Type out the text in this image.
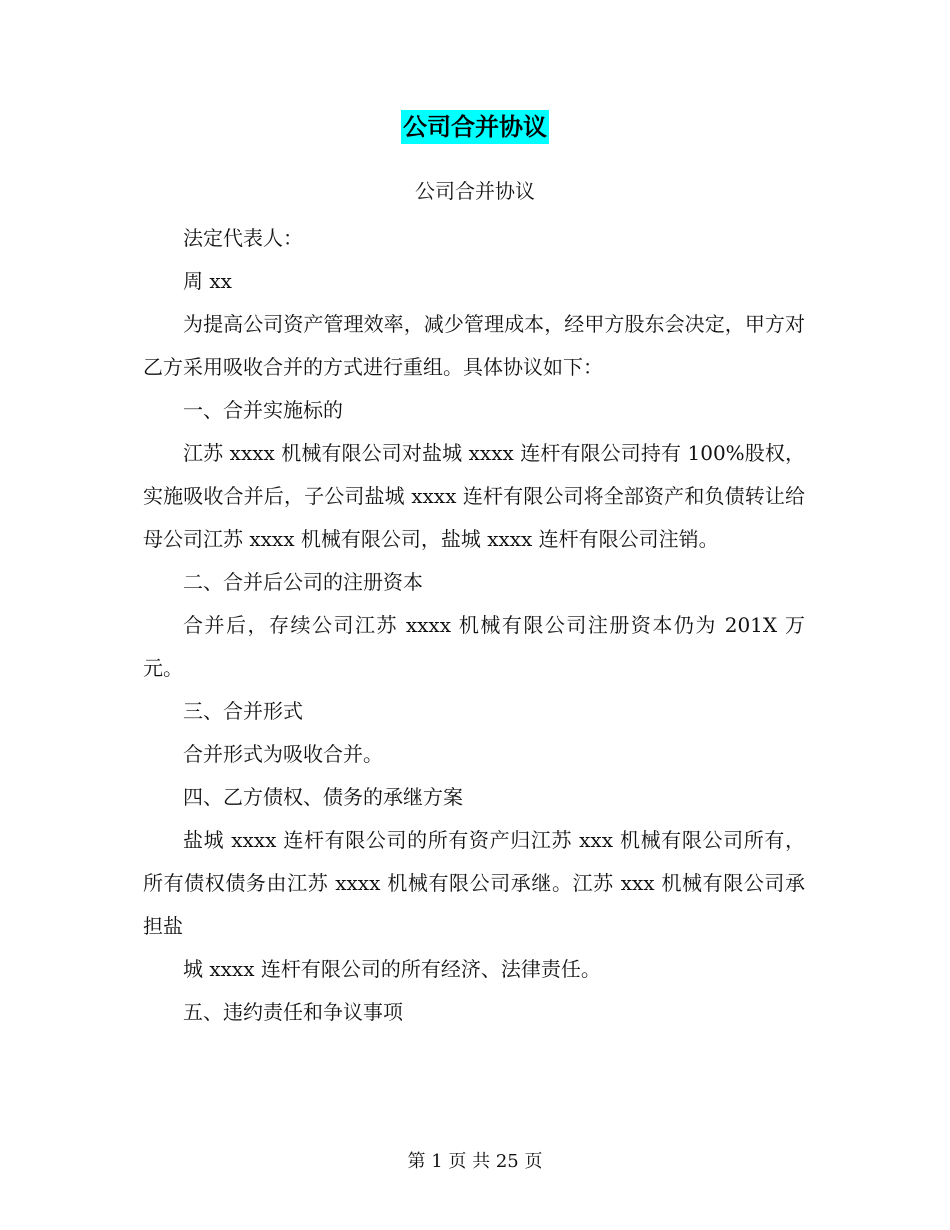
公司合并协议
公司合并协议

法定代表人：

周 xx

为提高公司资产管理效率，减少管理成本，经甲方股东会决定，甲方对乙方采用吸收合并的方式进行重组。具体协议如下：

一、合并实施标的

江苏 xxxx 机械有限公司对盐城 xxxx 连杆有限公司持有 100%股权，实施吸收合并后，子公司盐城 xxxx 连杆有限公司将全部资产和负债转让给母公司江苏 xxxx 机械有限公司，盐城 xxxx 连杆有限公司注销。

二、合并后公司的注册资本

合并后，存续公司江苏 xxxx 机械有限公司注册资本仍为 201X 万元。

三、合并形式

合并形式为吸收合并。

四、乙方债权、债务的承继方案

盐城 xxxx 连杆有限公司的所有资产归江苏 xxx 机械有限公司所有，所有债权债务由江苏 xxxx 机械有限公司承继。江苏 xxx 机械有限公司承担盐

城 xxxx 连杆有限公司的所有经济、法律责任。

五、违约责任和争议事项

第 1 页 共 25 页
